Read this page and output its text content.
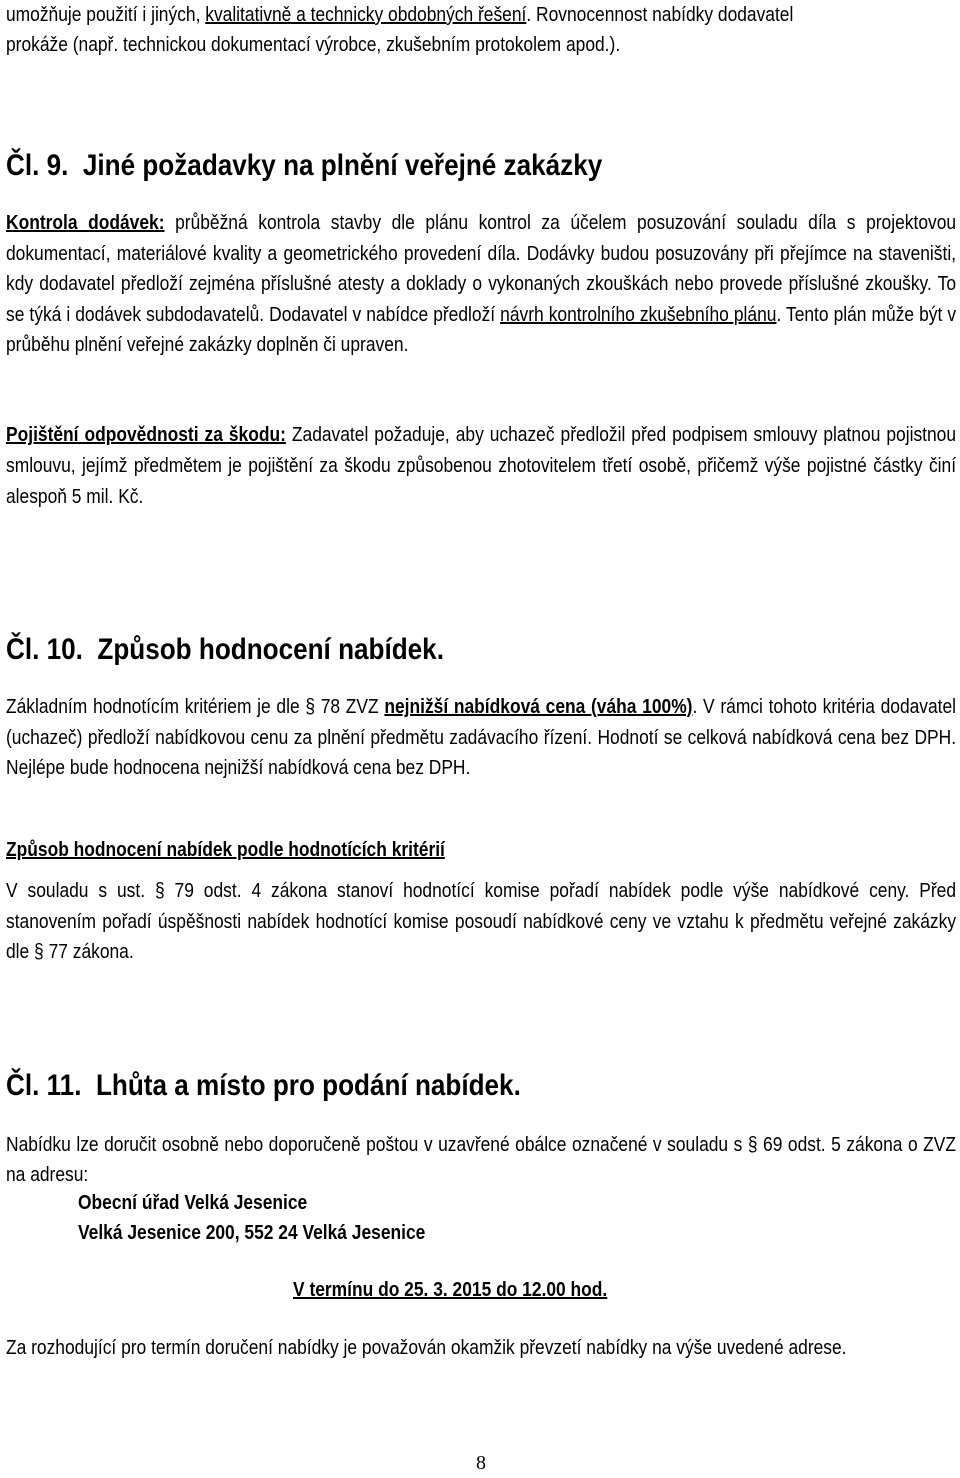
umožňuje použití i jiných, kvalitativně a technicky obdobných řešení. Rovnocennost nabídky dodavatel
prokáže (např. technickou dokumentací výrobce, zkušebním protokolem apod.).
Čl. 9. Jiné požadavky na plnění veřejné zakázky

Kontrola dodávek: průběžná kontrola stavby dle plánu kontrol za účelem posuzování souladu díla s projektovou dokumentací, materiálové kvality a geometrického provedení díla. Dodávky budou posuzovány při přejímce na staveništi, kdy dodavatel předloží zejména příslušné atesty a doklady o vykonaných zkouškách nebo provede příslušné zkoušky. To se týká i dodávek subdodavatelů. Dodavatel v nabídce předloží návrh kontrolního zkušebního plánu. Tento plán může být v průběhu plnění veřejné zakázky doplněn či upraven.

Pojištění odpovědnosti za škodu: Zadavatel požaduje, aby uchazeč předložil před podpisem smlouvy platnou pojistnou smlouvu, jejímž předmětem je pojištění za škodu způsobenou zhotovitelem třetí osobě, přičemž výše pojistné částky činí alespoň 5 mil. Kč.

Čl. 10. Způsob hodnocení nabídek.

Základním hodnotícím kritériem je dle § 78 ZVZ nejnižší nabídková cena (váha 100%). V rámci tohoto kritéria dodavatel (uchazeč) předloží nabídkovou cenu za plnění předmětu zadávacího řízení. Hodnotí se celková nabídková cena bez DPH. Nejlépe bude hodnocena nejnižší nabídková cena bez DPH.

Způsob hodnocení nabídek podle hodnotících kritérií

V souladu s ust. § 79 odst. 4 zákona stanoví hodnotící komise pořadí nabídek podle výše nabídkové ceny. Před stanovením pořadí úspěšnosti nabídek hodnotící komise posoudí nabídkové ceny ve vztahu k předmětu veřejné zakázky dle § 77 zákona.

Čl. 11. Lhůta a místo pro podání nabídek.

Nabídku lze doručit osobně nebo doporučeně poštou v uzavřené obálce označené v souladu s § 69 odst. 5 zákona o ZVZ na adresu:

Obecní úřad Velká Jesenice
Velká Jesenice 200, 552 24 Velká Jesenice
V termínu do 25. 3. 2015 do 12.00 hod.

Za rozhodující pro termín doručení nabídky je považován okamžik převzetí nabídky na výše uvedené adrese.

8
